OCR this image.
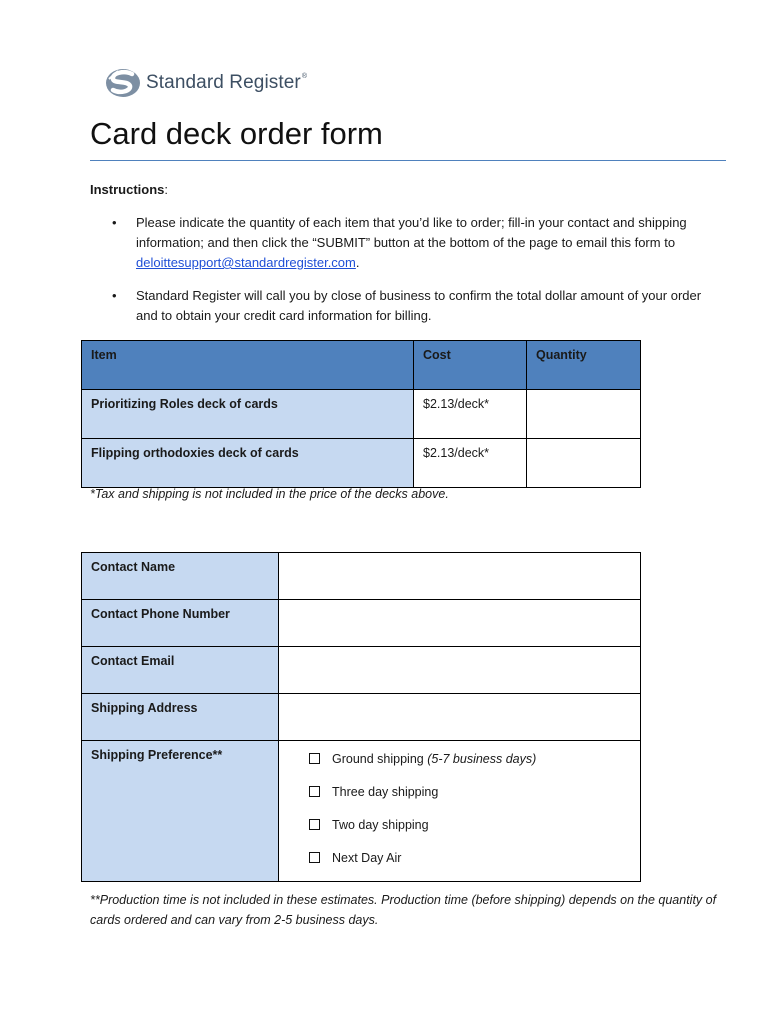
Standard Register®
Card deck order form
Instructions:
• Please indicate the quantity of each item that you’d like to order; fill-in your contact and shipping information; and then click the “SUBMIT” button at the bottom of the page to email this form to deloittesupport@standardregister.com.
• Standard Register will call you by close of business to confirm the total dollar amount of your order and to obtain your credit card information for billing.
Item	Cost	Quantity
Prioritizing Roles deck of cards	$2.13/deck*	
Flipping orthodoxies deck of cards	$2.13/deck*	
*Tax and shipping is not included in the price of the decks above.
Contact Name	
Contact Phone Number	
Contact Email	
Shipping Address	
Shipping Preference**	Ground shipping
(5-7 business days)
Three day shipping
Two day shipping
Next Day Air
**Production time is not included in these estimates. Production time (before shipping) depends on the quantity of cards ordered and can vary from 2-5 business days.
